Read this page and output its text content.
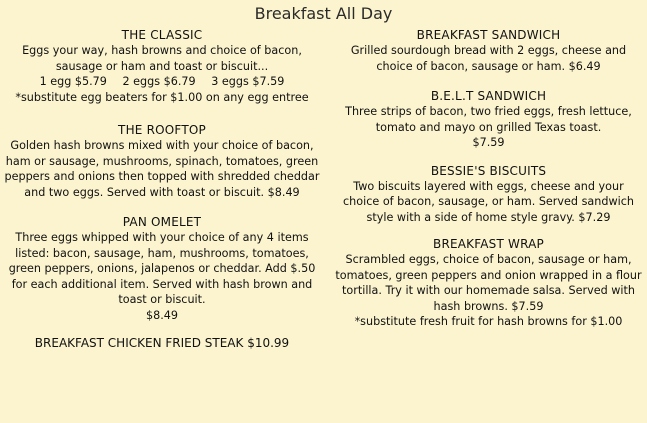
Breakfast All Day
THE CLASSIC

Eggs your way, hash browns and choice of bacon, sausage or ham and toast or biscuit...

1 egg $5.79 2 eggs $6.79 3 eggs $7.59

*substitute egg beaters for $1.00 on any egg entree

THE ROOFTOP

Golden hash browns mixed with your choice of bacon, ham or sausage, mushrooms, spinach, tomatoes, green peppers and onions then topped with shredded cheddar and two eggs. Served with toast or biscuit. $8.49

PAN OMELET

Three eggs whipped with your choice of any 4 items listed: bacon, sausage, ham, mushrooms, tomatoes, green peppers, onions, jalapenos or cheddar. Add $.50 for each additional item. Served with hash brown and toast or biscuit.

$8.49

BREAKFAST CHICKEN FRIED STEAK $10.99
BREAKFAST SANDWICH

Grilled sourdough bread with 2 eggs, cheese and choice of bacon, sausage or ham. $6.49

B.E.L.T SANDWICH

Three strips of bacon, two fried eggs, fresh lettuce, tomato and mayo on grilled Texas toast.

$7.59

BESSIE'S BISCUITS

Two biscuits layered with eggs, cheese and your choice of bacon, sausage, or ham. Served sandwich style with a side of home style gravy. $7.29

BREAKFAST WRAP

Scrambled eggs, choice of bacon, sausage or ham, tomatoes, green peppers and onion wrapped in a flour tortilla. Try it with our homemade salsa. Served with hash browns. $7.59

*substitute fresh fruit for hash browns for $1.00
